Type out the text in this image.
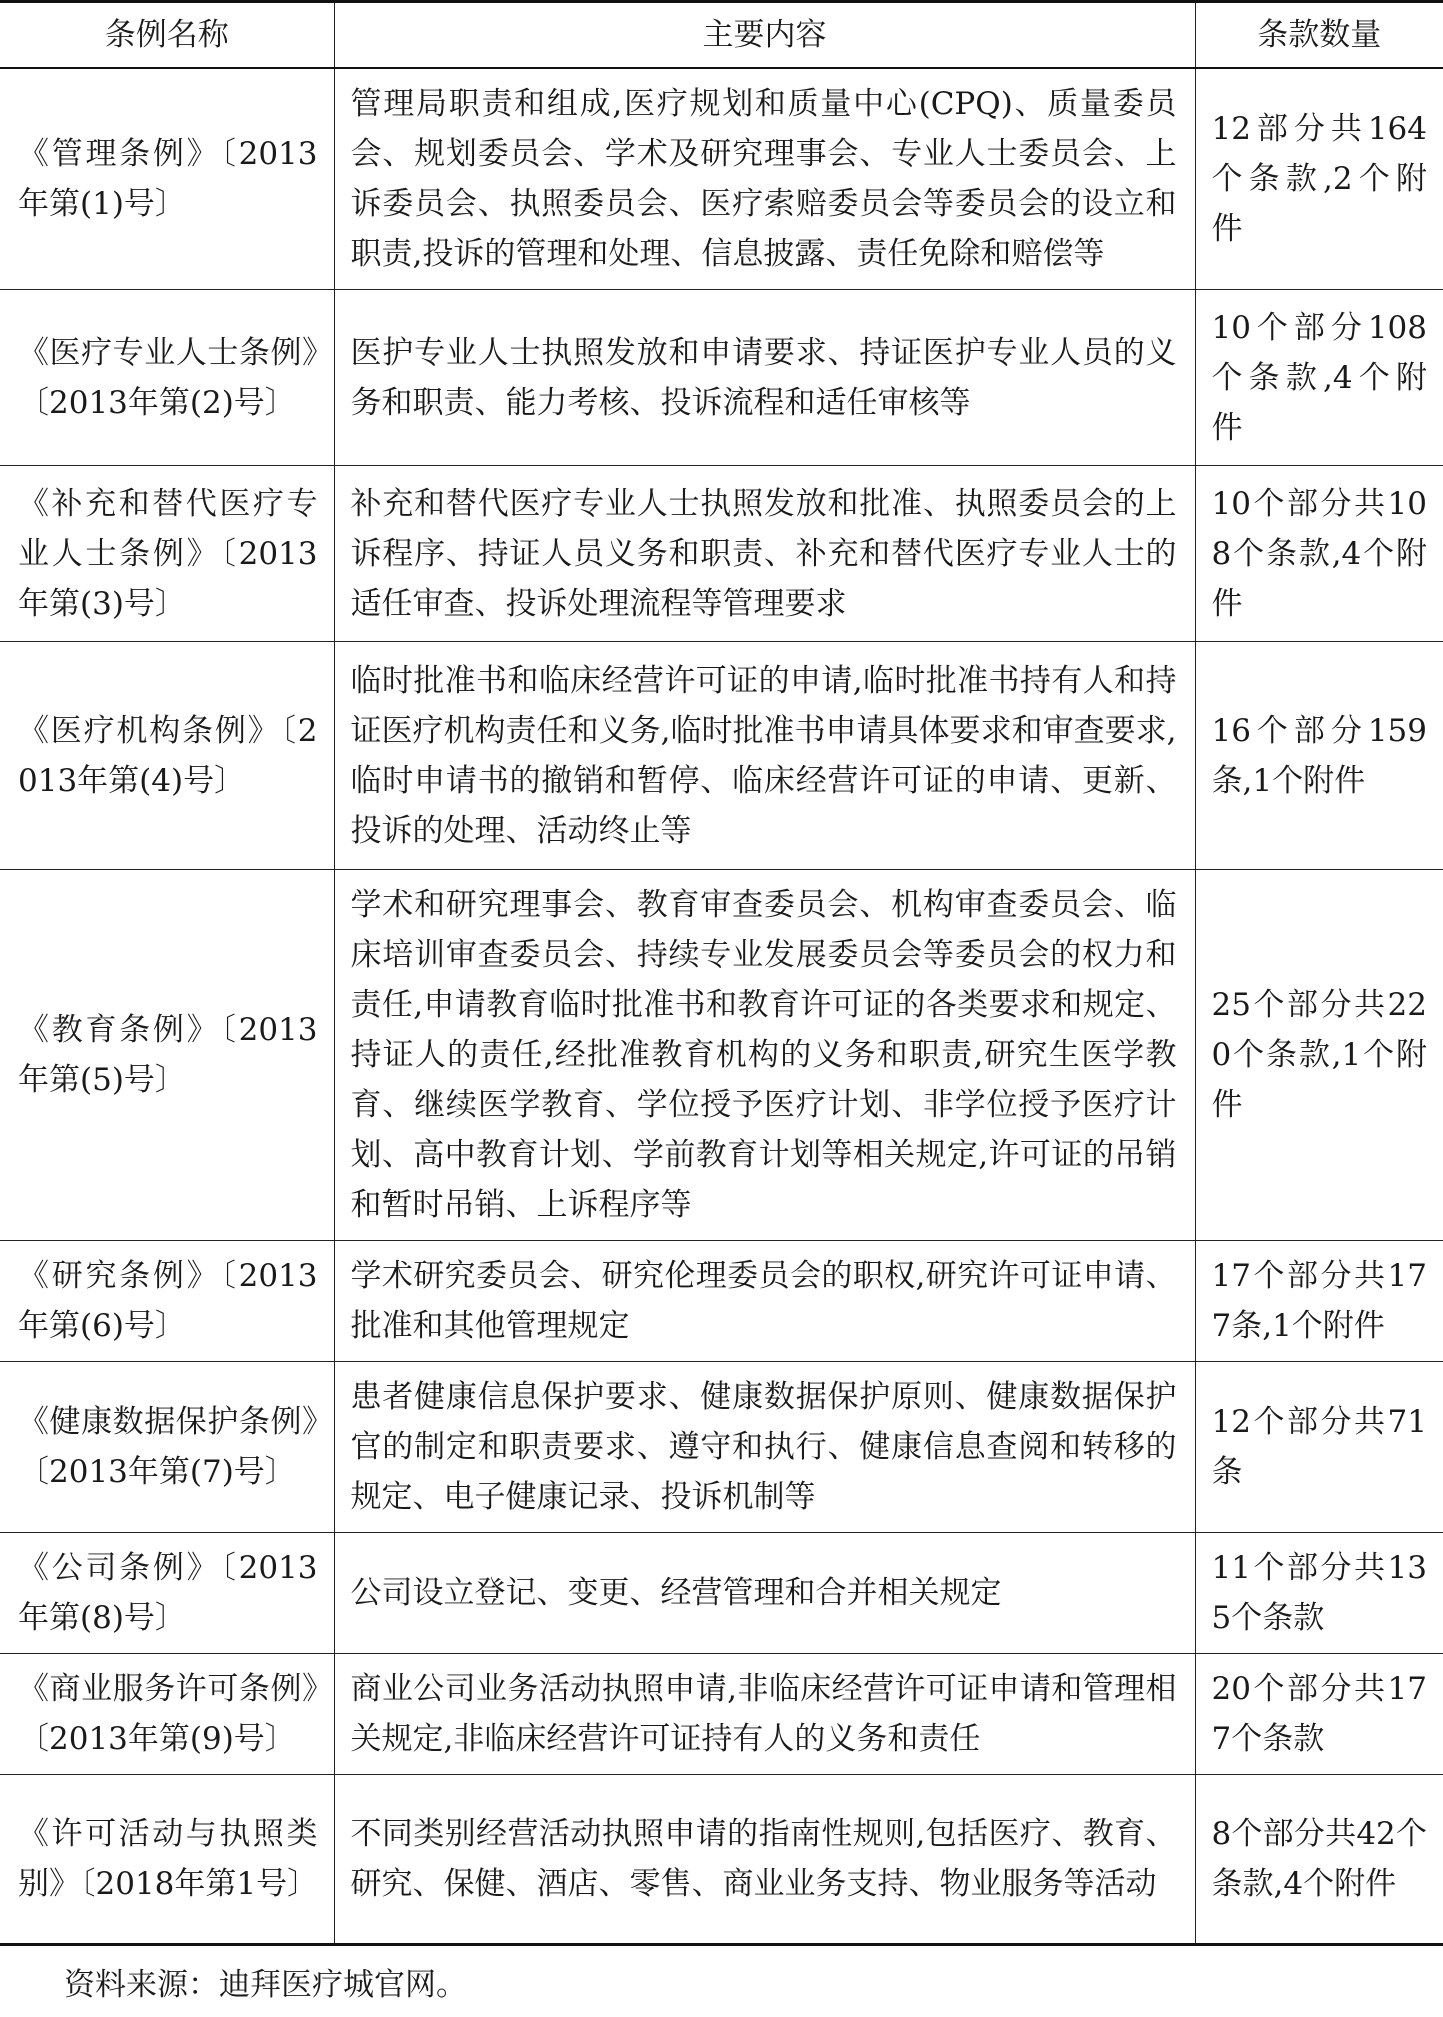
条例名称	主要内容	条款数量

《管理条例》〔2013年第(1)号〕	管理局职责和组成,医疗规划和质量中心(CPQ)、质量委员会、规划委员会、学术及研究理事会、专业人士委员会、上诉委员会、执照委员会、医疗索赔委员会等委员会的设立和职责,投诉的管理和处理、信息披露、责任免除和赔偿等	12部分共164个条款,2个附件

《医疗专业人士条例》〔2013年第(2)号〕	医护专业人士执照发放和申请要求、持证医护专业人员的义务和职责、能力考核、投诉流程和适任审核等	10个部分108个条款,4个附件

《补充和替代医疗专业人士条例》〔2013年第(3)号〕	补充和替代医疗专业人士执照发放和批准、执照委员会的上诉程序、持证人员义务和职责、补充和替代医疗专业人士的适任审查、投诉处理流程等管理要求	10个部分共108个条款,4个附件

《医疗机构条例》〔2013年第(4)号〕	临时批准书和临床经营许可证的申请,临时批准书持有人和持证医疗机构责任和义务,临时批准书申请具体要求和审查要求,临时申请书的撤销和暂停、临床经营许可证的申请、更新、投诉的处理、活动终止等	16个部分159条,1个附件

《教育条例》〔2013年第(5)号〕	学术和研究理事会、教育审查委员会、机构审查委员会、临床培训审查委员会、持续专业发展委员会等委员会的权力和责任,申请教育临时批准书和教育许可证的各类要求和规定、持证人的责任,经批准教育机构的义务和职责,研究生医学教育、继续医学教育、学位授予医疗计划、非学位授予医疗计划、高中教育计划、学前教育计划等相关规定,许可证的吊销和暂时吊销、上诉程序等	25个部分共220个条款,1个附件

《研究条例》〔2013年第(6)号〕	学术研究委员会、研究伦理委员会的职权,研究许可证申请、批准和其他管理规定	17个部分共177条,1个附件

《健康数据保护条例》〔2013年第(7)号〕	患者健康信息保护要求、健康数据保护原则、健康数据保护官的制定和职责要求、遵守和执行、健康信息查阅和转移的规定、电子健康记录、投诉机制等	12个部分共71条

《公司条例》〔2013年第(8)号〕	公司设立登记、变更、经营管理和合并相关规定	11个部分共135个条款

《商业服务许可条例》〔2013年第(9)号〕	商业公司业务活动执照申请,非临床经营许可证申请和管理相关规定,非临床经营许可证持有人的义务和责任	20个部分共177个条款

《许可活动与执照类别》〔2018年第1号〕	不同类别经营活动执照申请的指南性规则,包括医疗、教育、研究、保健、酒店、零售、商业业务支持、物业服务等活动	8个部分共42个条款,4个附件
资料来源：迪拜医疗城官网。
